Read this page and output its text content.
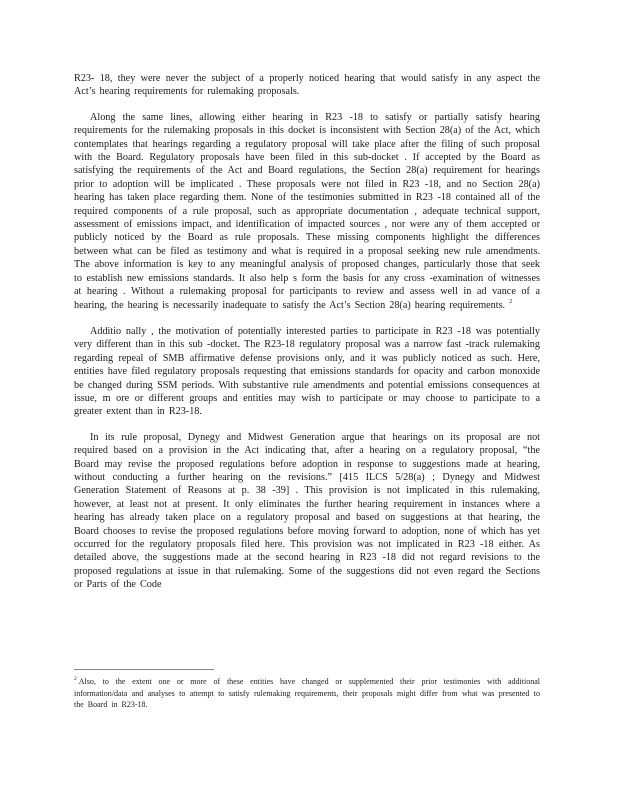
R23- 18, they were never the subject of a properly noticed hearing that would satisfy in any aspect the Act’s hearing requirements for rulemaking proposals.

Along the same lines, allowing either hearing in R23 -18 to satisfy or partially satisfy hearing requirements for the rulemaking proposals in this docket is inconsistent with Section 28(a) of the Act, which contemplates that hearings regarding a regulatory proposal will take place after the filing of such proposal with the Board. Regulatory proposals have been filed in this sub-docket . If accepted by the Board as satisfying the requirements of the Act and Board regulations, the Section 28(a) requirement for hearings prior to adoption will be implicated . These proposals were not filed in R23 -18, and no Section 28(a) hearing has taken place regarding them. None of the testimonies submitted in R23 -18 contained all of the required components of a rule proposal, such as appropriate documentation , adequate technical support, assessment of emissions impact, and identification of impacted sources , nor were any of them accepted or publicly noticed by the Board as rule proposals. These missing components highlight the differences between what can be filed as testimony and what is required in a proposal seeking new rule amendments. The above information is key to any meaningful analysis of proposed changes, particularly those that seek to establish new emissions standards. It also help s form the basis for any cross -examination of witnesses at hearing . Without a rulemaking proposal for participants to review and assess well in ad vance of a hearing, the hearing is necessarily inadequate to satisfy the Act’s Section 28(a) hearing requirements. $^2$

Additio nally , the motivation of potentially interested parties to participate in R23 -18 was potentially very different than in this sub -docket. The R23-18 regulatory proposal was a narrow fast -track rulemaking regarding repeal of SMB affirmative defense provisions only, and it was publicly noticed as such. Here, entities have filed regulatory proposals requesting that emissions standards for opacity and carbon monoxide be changed during SSM periods. With substantive rule amendments and potential emissions consequences at issue, m ore or different groups and entities may wish to participate or may choose to participate to a greater extent than in R23-18.

In its rule proposal, Dynegy and Midwest Generation argue that hearings on its proposal are not required based on a provision in the Act indicating that, after a hearing on a regulatory proposal, “the Board may revise the proposed regulations before adoption in response to suggestions made at hearing, without conducting a further hearing on the revisions.” [415 ILCS 5/28(a) ; Dynegy and Midwest Generation Statement of Reasons at p. 38 -39] . This provision is not implicated in this rulemaking, however, at least not at present. It only eliminates the further hearing requirement in instances where a hearing has already taken place on a regulatory proposal and based on suggestions at that hearing, the Board chooses to revise the proposed regulations before moving forward to adoption, none of which has yet occurred for the regulatory proposals filed here. This provision was not implicated in R23 -18 either. As detailed above, the suggestions made at the second hearing in R23 -18 did not regard revisions to the proposed regulations at issue in that rulemaking. Some of the suggestions did not even regard the Sections or Parts of the Code

$^2$ Also, to the extent one or more of these entities have changed or supplemented their prior testimonies with additional information/data and analyses to attempt to satisfy rulemaking requirements, their proposals might differ from what was presented to the Board in R23-18.
